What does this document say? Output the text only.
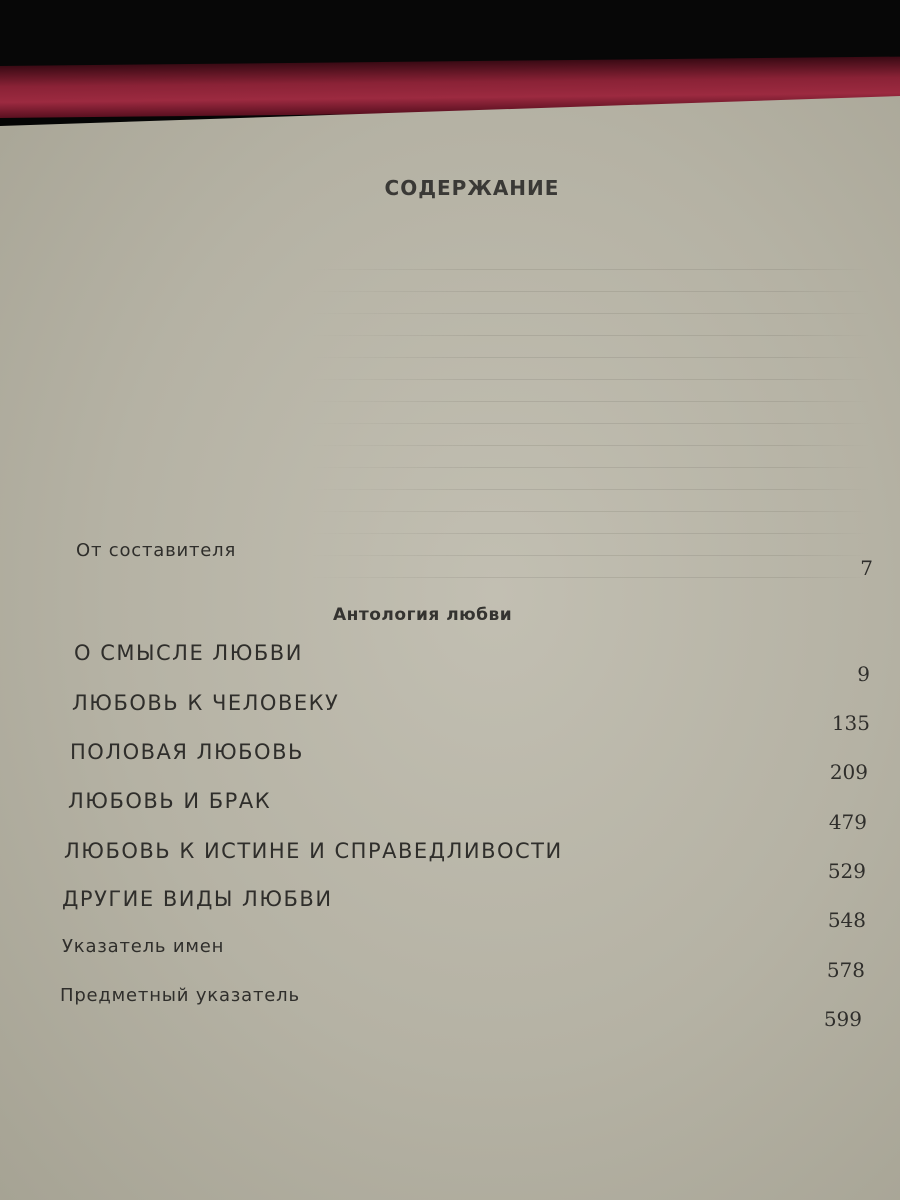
СОДЕРЖАНИЕ
От составителя
7
Антология любви
О СМЫСЛЕ ЛЮБВИ
9
ЛЮБОВЬ К ЧЕЛОВЕКУ
135
ПОЛОВАЯ ЛЮБОВЬ
209
ЛЮБОВЬ И БРАК
479
ЛЮБОВЬ К ИСТИНЕ И СПРАВЕДЛИВОСТИ
529
ДРУГИЕ ВИДЫ ЛЮБВИ
548
Указатель имен
578
Предметный указатель
599
